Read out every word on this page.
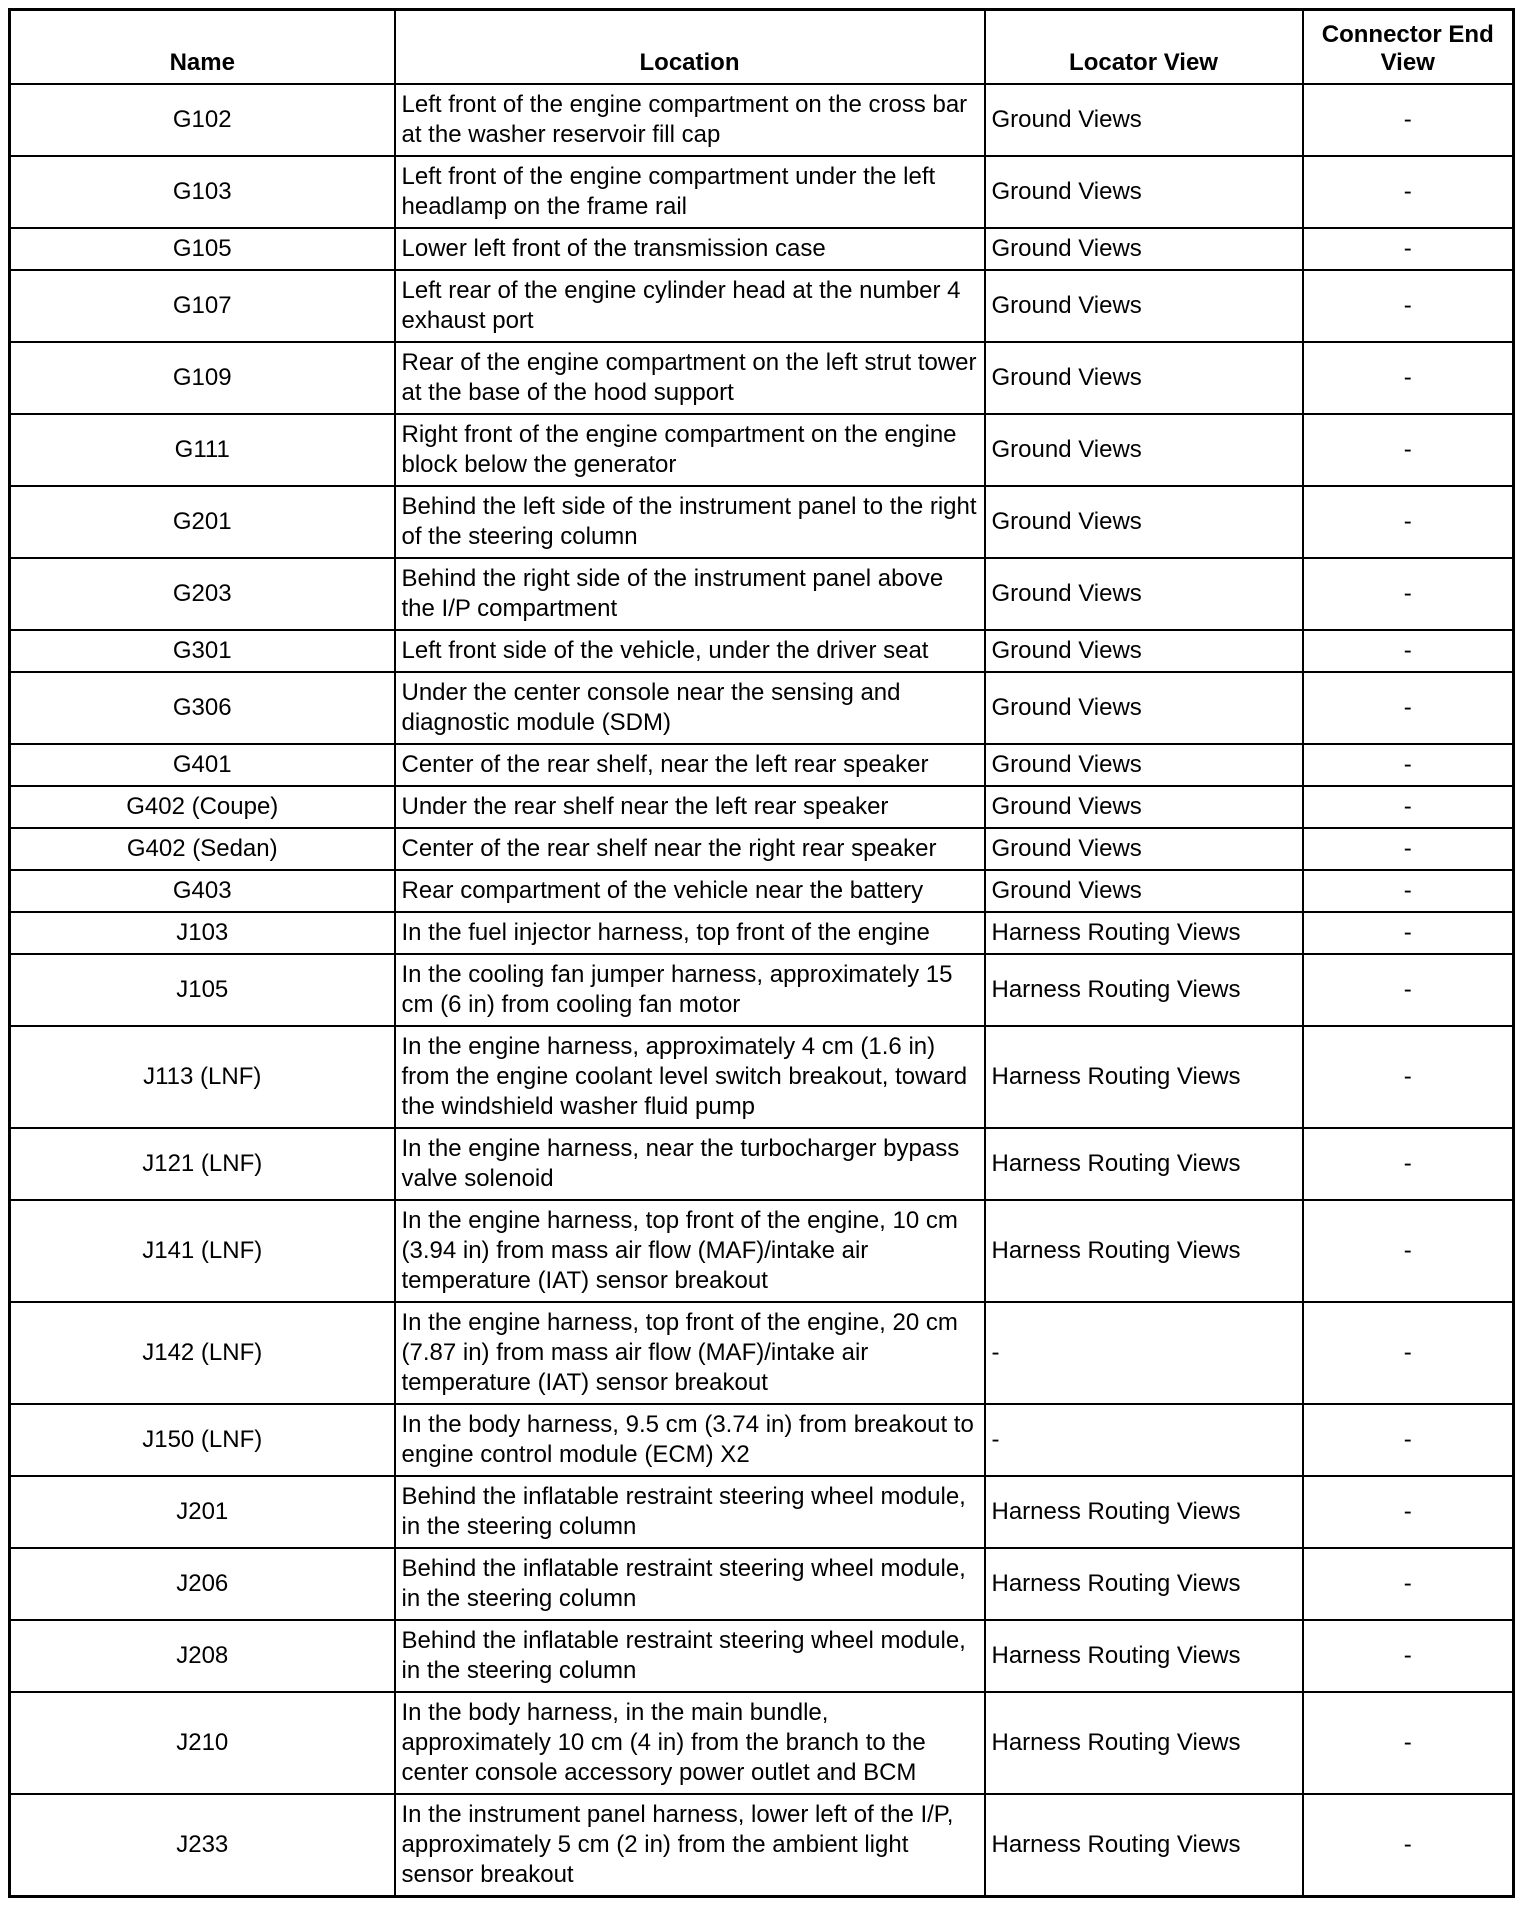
Name	Location	Locator View	Connector End View
G102	Left front of the engine compartment on the cross bar at the washer reservoir fill cap	Ground Views	-
G103	Left front of the engine compartment under the left headlamp on the frame rail	Ground Views	-
G105	Lower left front of the transmission case	Ground Views	-
G107	Left rear of the engine cylinder head at the number 4 exhaust port	Ground Views	-
G109	Rear of the engine compartment on the left strut tower at the base of the hood support	Ground Views	-
G111	Right front of the engine compartment on the engine block below the generator	Ground Views	-
G201	Behind the left side of the instrument panel to the right of the steering column	Ground Views	-
G203	Behind the right side of the instrument panel above the I/P compartment	Ground Views	-
G301	Left front side of the vehicle, under the driver seat	Ground Views	-
G306	Under the center console near the sensing and diagnostic module (SDM)	Ground Views	-
G401	Center of the rear shelf, near the left rear speaker	Ground Views	-
G402 (Coupe)	Under the rear shelf near the left rear speaker	Ground Views	-
G402 (Sedan)	Center of the rear shelf near the right rear speaker	Ground Views	-
G403	Rear compartment of the vehicle near the battery	Ground Views	-
J103	In the fuel injector harness, top front of the engine	Harness Routing Views	-
J105	In the cooling fan jumper harness, approximately 15 cm (6 in) from cooling fan motor	Harness Routing Views	-
J113 (LNF)	In the engine harness, approximately 4 cm (1.6 in) from the engine coolant level switch breakout, toward the windshield washer fluid pump	Harness Routing Views	-
J121 (LNF)	In the engine harness, near the turbocharger bypass valve solenoid	Harness Routing Views	-
J141 (LNF)	In the engine harness, top front of the engine, 10 cm (3.94 in) from mass air flow (MAF)/intake air temperature (IAT) sensor breakout	Harness Routing Views	-
J142 (LNF)	In the engine harness, top front of the engine, 20 cm (7.87 in) from mass air flow (MAF)/intake air temperature (IAT) sensor breakout	-	-
J150 (LNF)	In the body harness, 9.5 cm (3.74 in) from breakout to engine control module (ECM) X2	-	-
J201	Behind the inflatable restraint steering wheel module, in the steering column	Harness Routing Views	-
J206	Behind the inflatable restraint steering wheel module, in the steering column	Harness Routing Views	-
J208	Behind the inflatable restraint steering wheel module, in the steering column	Harness Routing Views	-
J210	In the body harness, in the main bundle, approximately 10 cm (4 in) from the branch to the center console accessory power outlet and BCM	Harness Routing Views	-
J233	In the instrument panel harness, lower left of the I/P, approximately 5 cm (2 in) from the ambient light sensor breakout	Harness Routing Views	-
